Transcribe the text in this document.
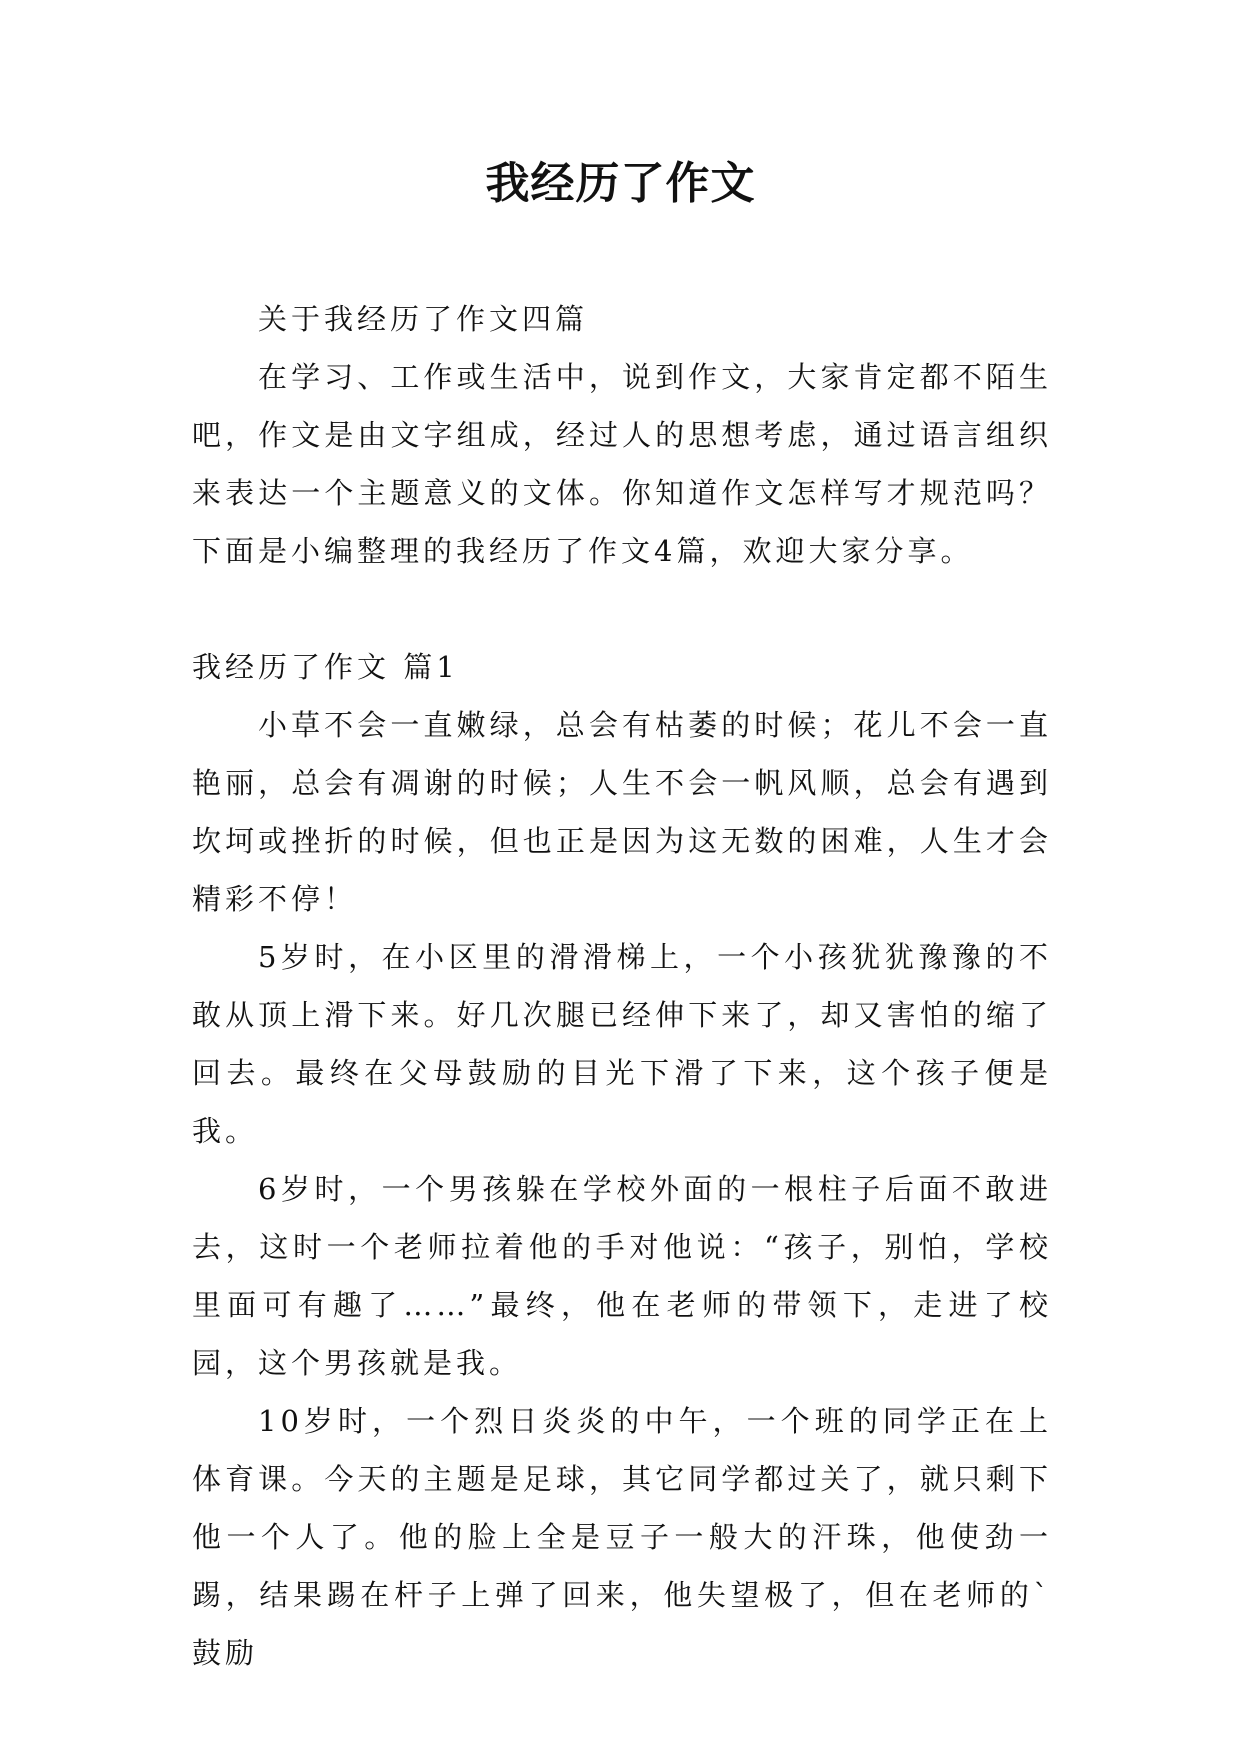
我经历了作文

关于我经历了作文四篇

在学习、工作或生活中，说到作文，大家肯定都不陌生吧，作文是由文字组成，经过人的思想考虑，通过语言组织来表达一个主题意义的文体。你知道作文怎样写才规范吗？下面是小编整理的我经历了作文4篇，欢迎大家分享。

我经历了作文 篇1

小草不会一直嫩绿，总会有枯萎的时候；花儿不会一直艳丽，总会有凋谢的时候；人生不会一帆风顺，总会有遇到坎坷或挫折的时候，但也正是因为这无数的困难，人生才会精彩不停！

5岁时，在小区里的滑滑梯上，一个小孩犹犹豫豫的不敢从顶上滑下来。好几次腿已经伸下来了，却又害怕的缩了回去。最终在父母鼓励的目光下滑了下来，这个孩子便是我。

6岁时，一个男孩躲在学校外面的一根柱子后面不敢进去，这时一个老师拉着他的手对他说：“孩子，别怕，学校里面可有趣了……”最终，他在老师的带领下，走进了校园，这个男孩就是我。

10岁时，一个烈日炎炎的中午，一个班的同学正在上体育课。今天的主题是足球，其它同学都过关了，就只剩下他一个人了。他的脸上全是豆子一般大的汗珠，他使劲一踢，结果踢在杆子上弹了回来，他失望极了，但在老师的`鼓励
